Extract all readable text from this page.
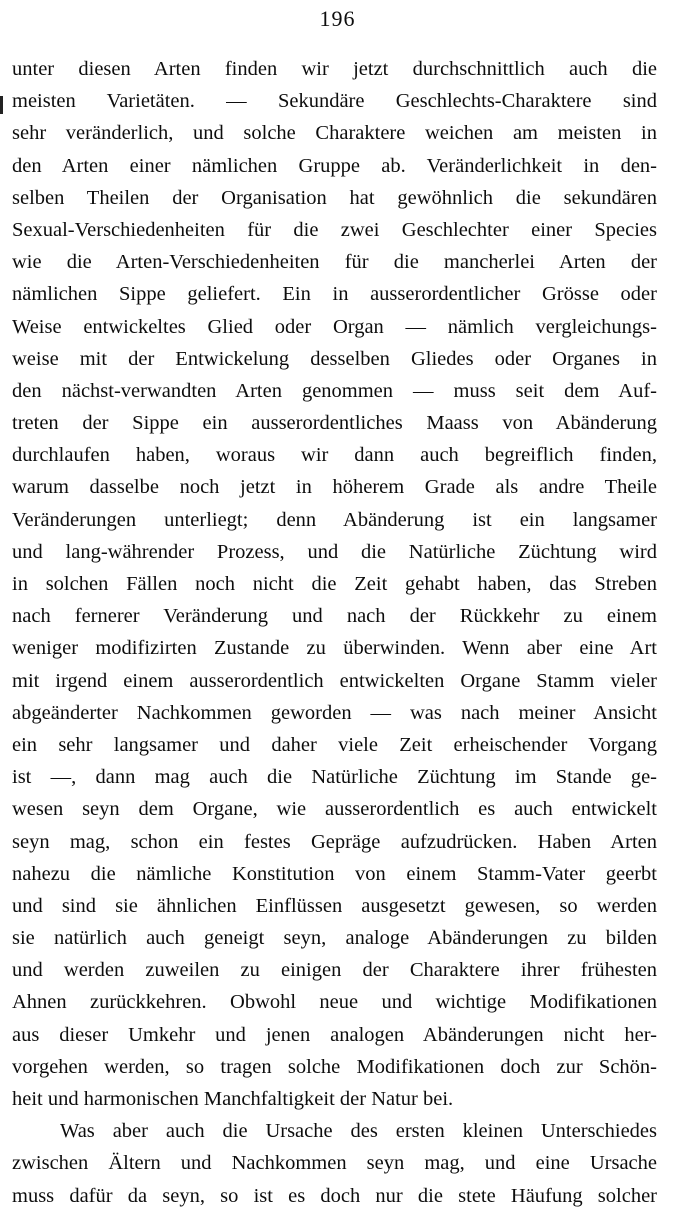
196
unter diesen Arten finden wir jetzt durchschnittlich auch die
meisten Varietäten. — Sekundäre Geschlechts-Charaktere sind
sehr veränderlich, und solche Charaktere weichen am meisten in
den Arten einer nämlichen Gruppe ab. Veränderlichkeit in den-
selben Theilen der Organisation hat gewöhnlich die sekundären
Sexual-Verschiedenheiten für die zwei Geschlechter einer Species
wie die Arten-Verschiedenheiten für die mancherlei Arten der
nämlichen Sippe geliefert. Ein in ausserordentlicher Grösse oder
Weise entwickeltes Glied oder Organ — nämlich vergleichungs-
weise mit der Entwickelung desselben Gliedes oder Organes in
den nächst-verwandten Arten genommen — muss seit dem Auf-
treten der Sippe ein ausserordentliches Maass von Abänderung
durchlaufen haben, woraus wir dann auch begreiflich finden,
warum dasselbe noch jetzt in höherem Grade als andre Theile
Veränderungen unterliegt; denn Abänderung ist ein langsamer
und lang-währender Prozess, und die Natürliche Züchtung wird
in solchen Fällen noch nicht die Zeit gehabt haben, das Streben
nach fernerer Veränderung und nach der Rückkehr zu einem
weniger modifizirten Zustande zu überwinden. Wenn aber eine Art
mit irgend einem ausserordentlich entwickelten Organe Stamm vieler
abgeänderter Nachkommen geworden — was nach meiner Ansicht
ein sehr langsamer und daher viele Zeit erheischender Vorgang
ist —, dann mag auch die Natürliche Züchtung im Stande ge-
wesen seyn dem Organe, wie ausserordentlich es auch entwickelt
seyn mag, schon ein festes Gepräge aufzudrücken. Haben Arten
nahezu die nämliche Konstitution von einem Stamm-Vater geerbt
und sind sie ähnlichen Einflüssen ausgesetzt gewesen, so werden
sie natürlich auch geneigt seyn, analoge Abänderungen zu bilden
und werden zuweilen zu einigen der Charaktere ihrer frühesten
Ahnen zurückkehren. Obwohl neue und wichtige Modifikationen
aus dieser Umkehr und jenen analogen Abänderungen nicht her-
vorgehen werden, so tragen solche Modifikationen doch zur Schön-
heit und harmonischen Manchfaltigkeit der Natur bei.
Was aber auch die Ursache des ersten kleinen Unterschiedes
zwischen Ältern und Nachkommen seyn mag, und eine Ursache
muss dafür da seyn, so ist es doch nur die stete Häufung solcher
